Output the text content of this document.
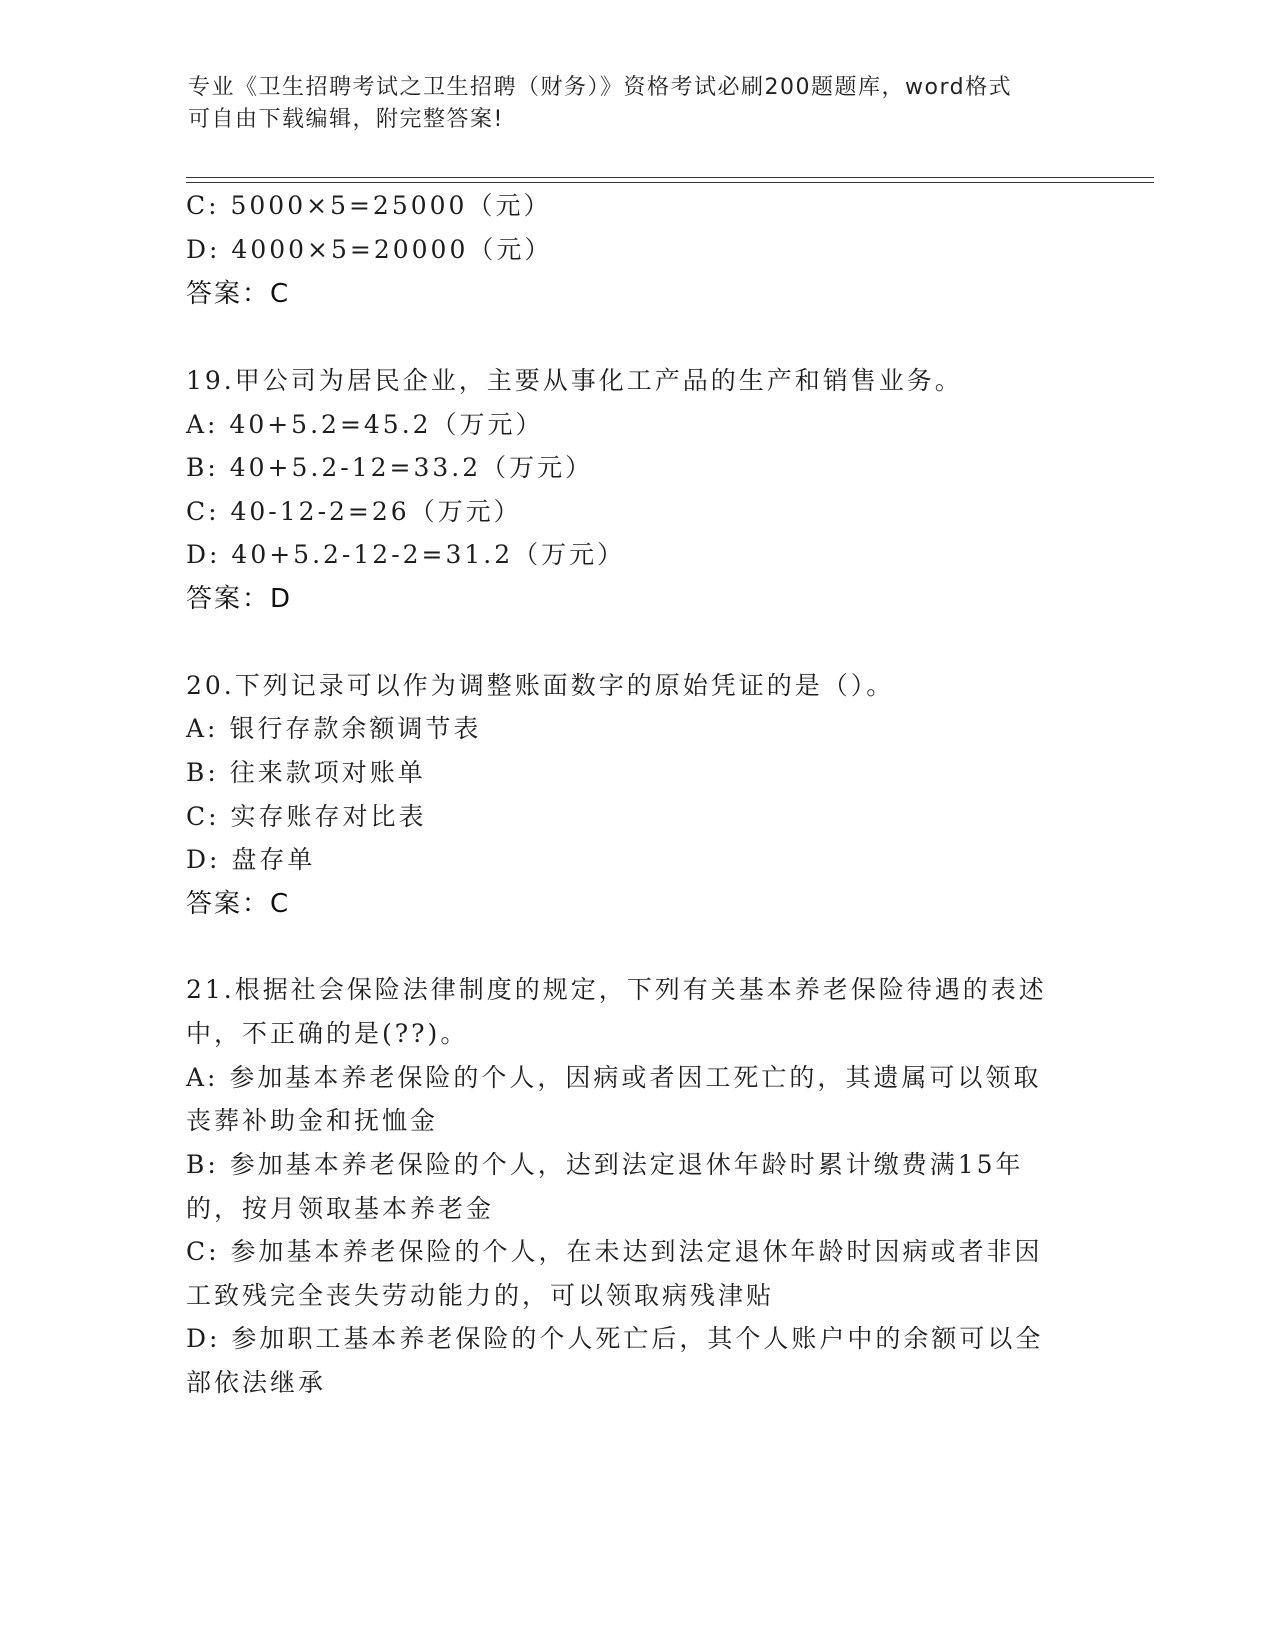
专业《卫生招聘考试之卫生招聘（财务）》资格考试必刷200题题库，word格式
可自由下载编辑，附完整答案!
C: 5000×5=25000（元）
D: 4000×5=20000（元）
答案：C
19.甲公司为居民企业，主要从事化工产品的生产和销售业务。
A: 40+5.2=45.2（万元）
B: 40+5.2-12=33.2（万元）
C: 40-12-2=26（万元）
D: 40+5.2-12-2=31.2（万元）
答案：D
20.下列记录可以作为调整账面数字的原始凭证的是（）。
A: 银行存款余额调节表
B: 往来款项对账单
C: 实存账存对比表
D: 盘存单
答案：C
21.根据社会保险法律制度的规定，下列有关基本养老保险待遇的表述
中，不正确的是(??)。
A: 参加基本养老保险的个人，因病或者因工死亡的，其遗属可以领取
丧葬补助金和抚恤金
B: 参加基本养老保险的个人，达到法定退休年龄时累计缴费满15年
的，按月领取基本养老金
C: 参加基本养老保险的个人，在未达到法定退休年龄时因病或者非因
工致残完全丧失劳动能力的，可以领取病残津贴
D: 参加职工基本养老保险的个人死亡后，其个人账户中的余额可以全
部依法继承
